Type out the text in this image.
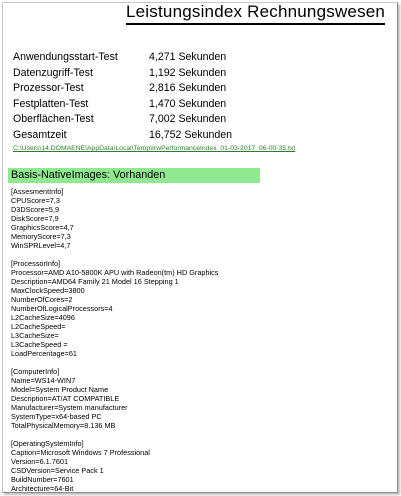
Leistungsindex Rechnungswesen
Anwendungsstart-Test	4,271 Sekunden
Datenzugriff-Test	1,192 Sekunden
Prozessor-Test	2,816 Sekunden
Festplatten-Test	1,470 Sekunden
Oberflächen-Test	7,002 Sekunden
Gesamtzeit	16,752 Sekunden
C:\Users\14.DOMAENE\AppData\Local\Temp\IrwPerformanceIndex_01-03-2017_06-00-35.txt
Basis-NativeImages: Vorhanden
[AssesmentInfo]
CPUScore=7,3
D3DScore=5,9
DiskScore=7,9
GraphicsScore=4,7
MemoryScore=7,3
WinSPRLevel=4,7
[ProcessorInfo]
Processor=AMD A10-5800K APU with Radeon(tm) HD Graphics
Description=AMD64 Family 21 Model 16 Stepping 1
MaxClockSpeed=3800
NumberOfCores=2
NumberOfLogicalProcessors=4
L2CacheSize=4096
L2CacheSpeed=
L3CacheSize=
L3CacheSpeed =
LoadPercentage=61
[ComputerInfo]
Name=WS14-WIN7
Model=System Product Name
Description=AT/AT COMPATIBLE
Manufacturer=System manufacturer
SystemType=x64-based PC
TotalPhysicalMemory=8.136 MB
[OperatingSystemInfo]
Caption=Microsoft Windows 7 Professional
Version=6.1.7601
CSDVersion=Service Pack 1
BuildNumber=7601
Architecture=64-Bit
